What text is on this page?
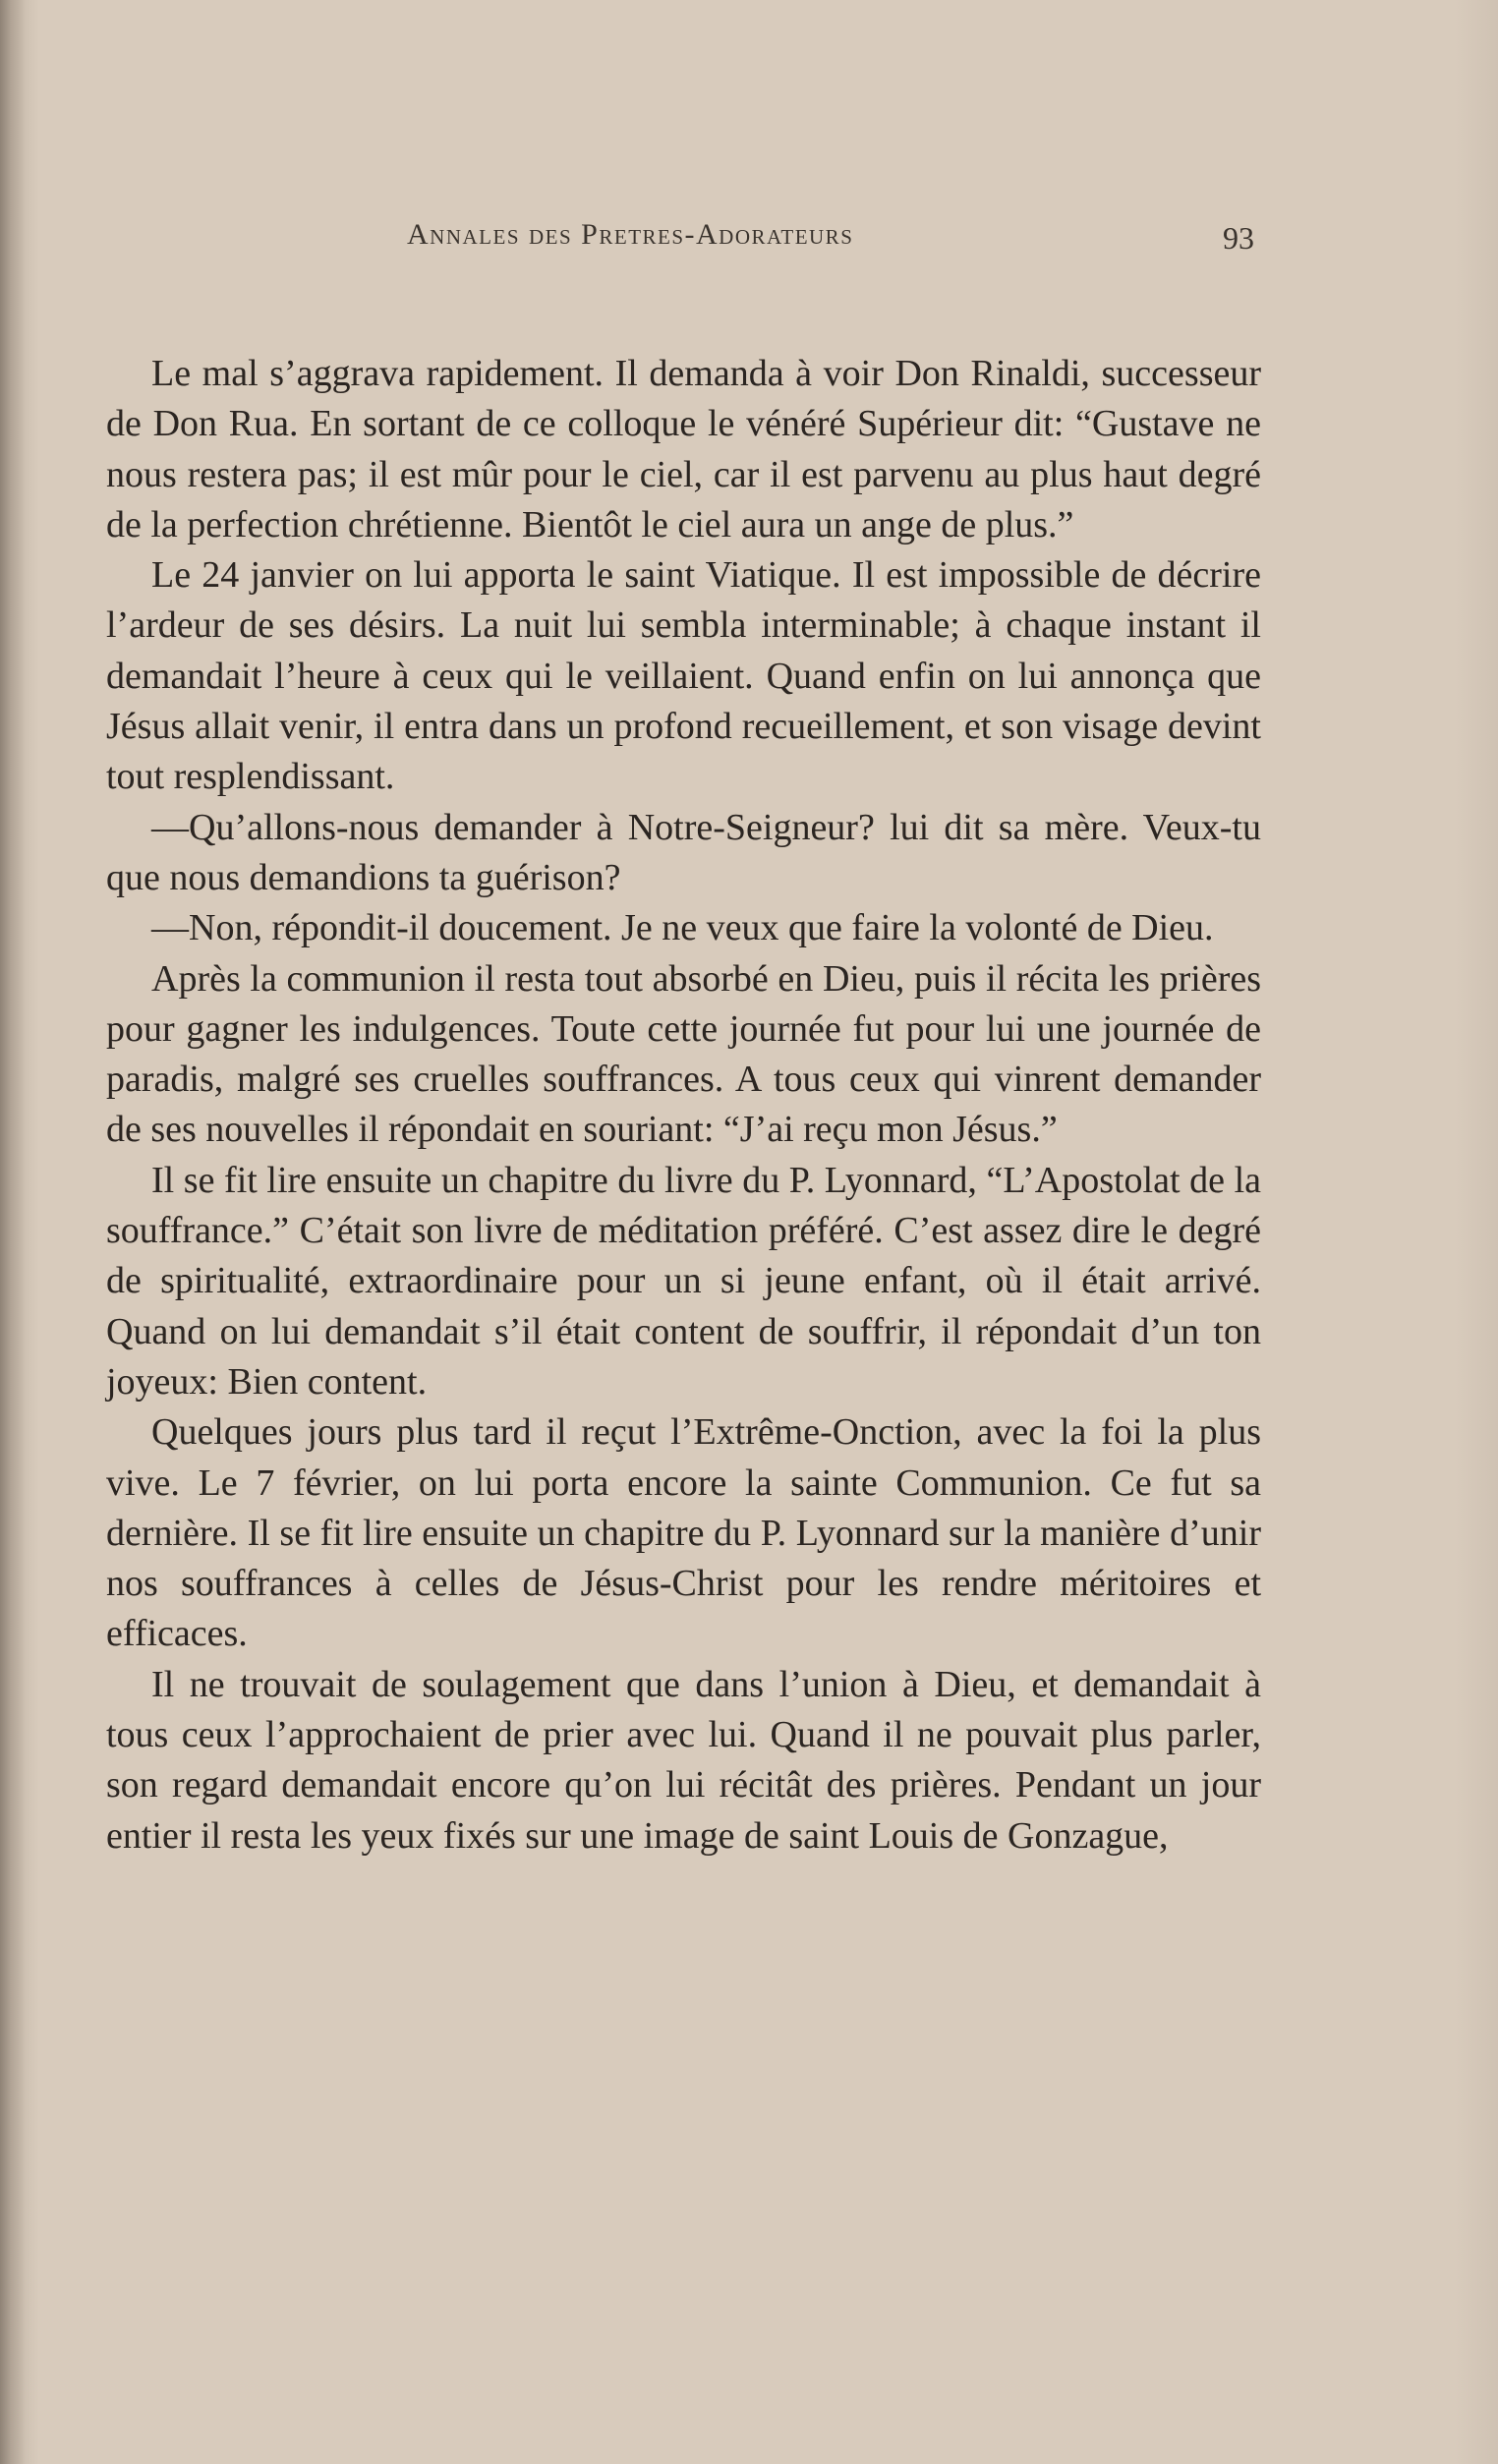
Annales des Pretres-Adorateurs	93

Le mal s’aggrava rapidement. Il demanda à voir Don Rinaldi, successeur de Don Rua. En sortant de ce colloque le vénéré Supérieur dit: “Gustave ne nous restera pas; il est mûr pour le ciel, car il est parvenu au plus haut degré de la perfection chrétienne. Bientôt le ciel aura un ange de plus.”

Le 24 janvier on lui apporta le saint Viatique. Il est impossible de décrire l’ardeur de ses désirs. La nuit lui sembla interminable; à chaque instant il demandait l’heure à ceux qui le veillaient. Quand enfin on lui annonça que Jésus allait venir, il entra dans un profond recueillement, et son visage devint tout resplendissant.

—Qu’allons-nous demander à Notre-Seigneur? lui dit sa mère. Veux-tu que nous demandions ta guérison?

—Non, répondit-il doucement. Je ne veux que faire la volonté de Dieu.

Après la communion il resta tout absorbé en Dieu, puis il récita les prières pour gagner les indulgences. Toute cette journée fut pour lui une journée de paradis, malgré ses cruelles souffrances. A tous ceux qui vinrent demander de ses nouvelles il répondait en souriant: “J’ai reçu mon Jésus.”

Il se fit lire ensuite un chapitre du livre du P. Lyonnard, “L’Apostolat de la souffrance.” C’était son livre de méditation préféré. C’est assez dire le degré de spiritualité, extraordinaire pour un si jeune enfant, où il était arrivé. Quand on lui demandait s’il était content de souffrir, il répondait d’un ton joyeux: Bien content.

Quelques jours plus tard il reçut l’Extrême-Onction, avec la foi la plus vive. Le 7 février, on lui porta encore la sainte Communion. Ce fut sa dernière. Il se fit lire ensuite un chapitre du P. Lyonnard sur la manière d’unir nos souffrances à celles de Jésus-Christ pour les rendre méritoires et efficaces.

Il ne trouvait de soulagement que dans l’union à Dieu, et demandait à tous ceux l’approchaient de prier avec lui. Quand il ne pouvait plus parler, son regard demandait encore qu’on lui récitât des prières. Pendant un jour entier il resta les yeux fixés sur une image de saint Louis de Gonzague,
